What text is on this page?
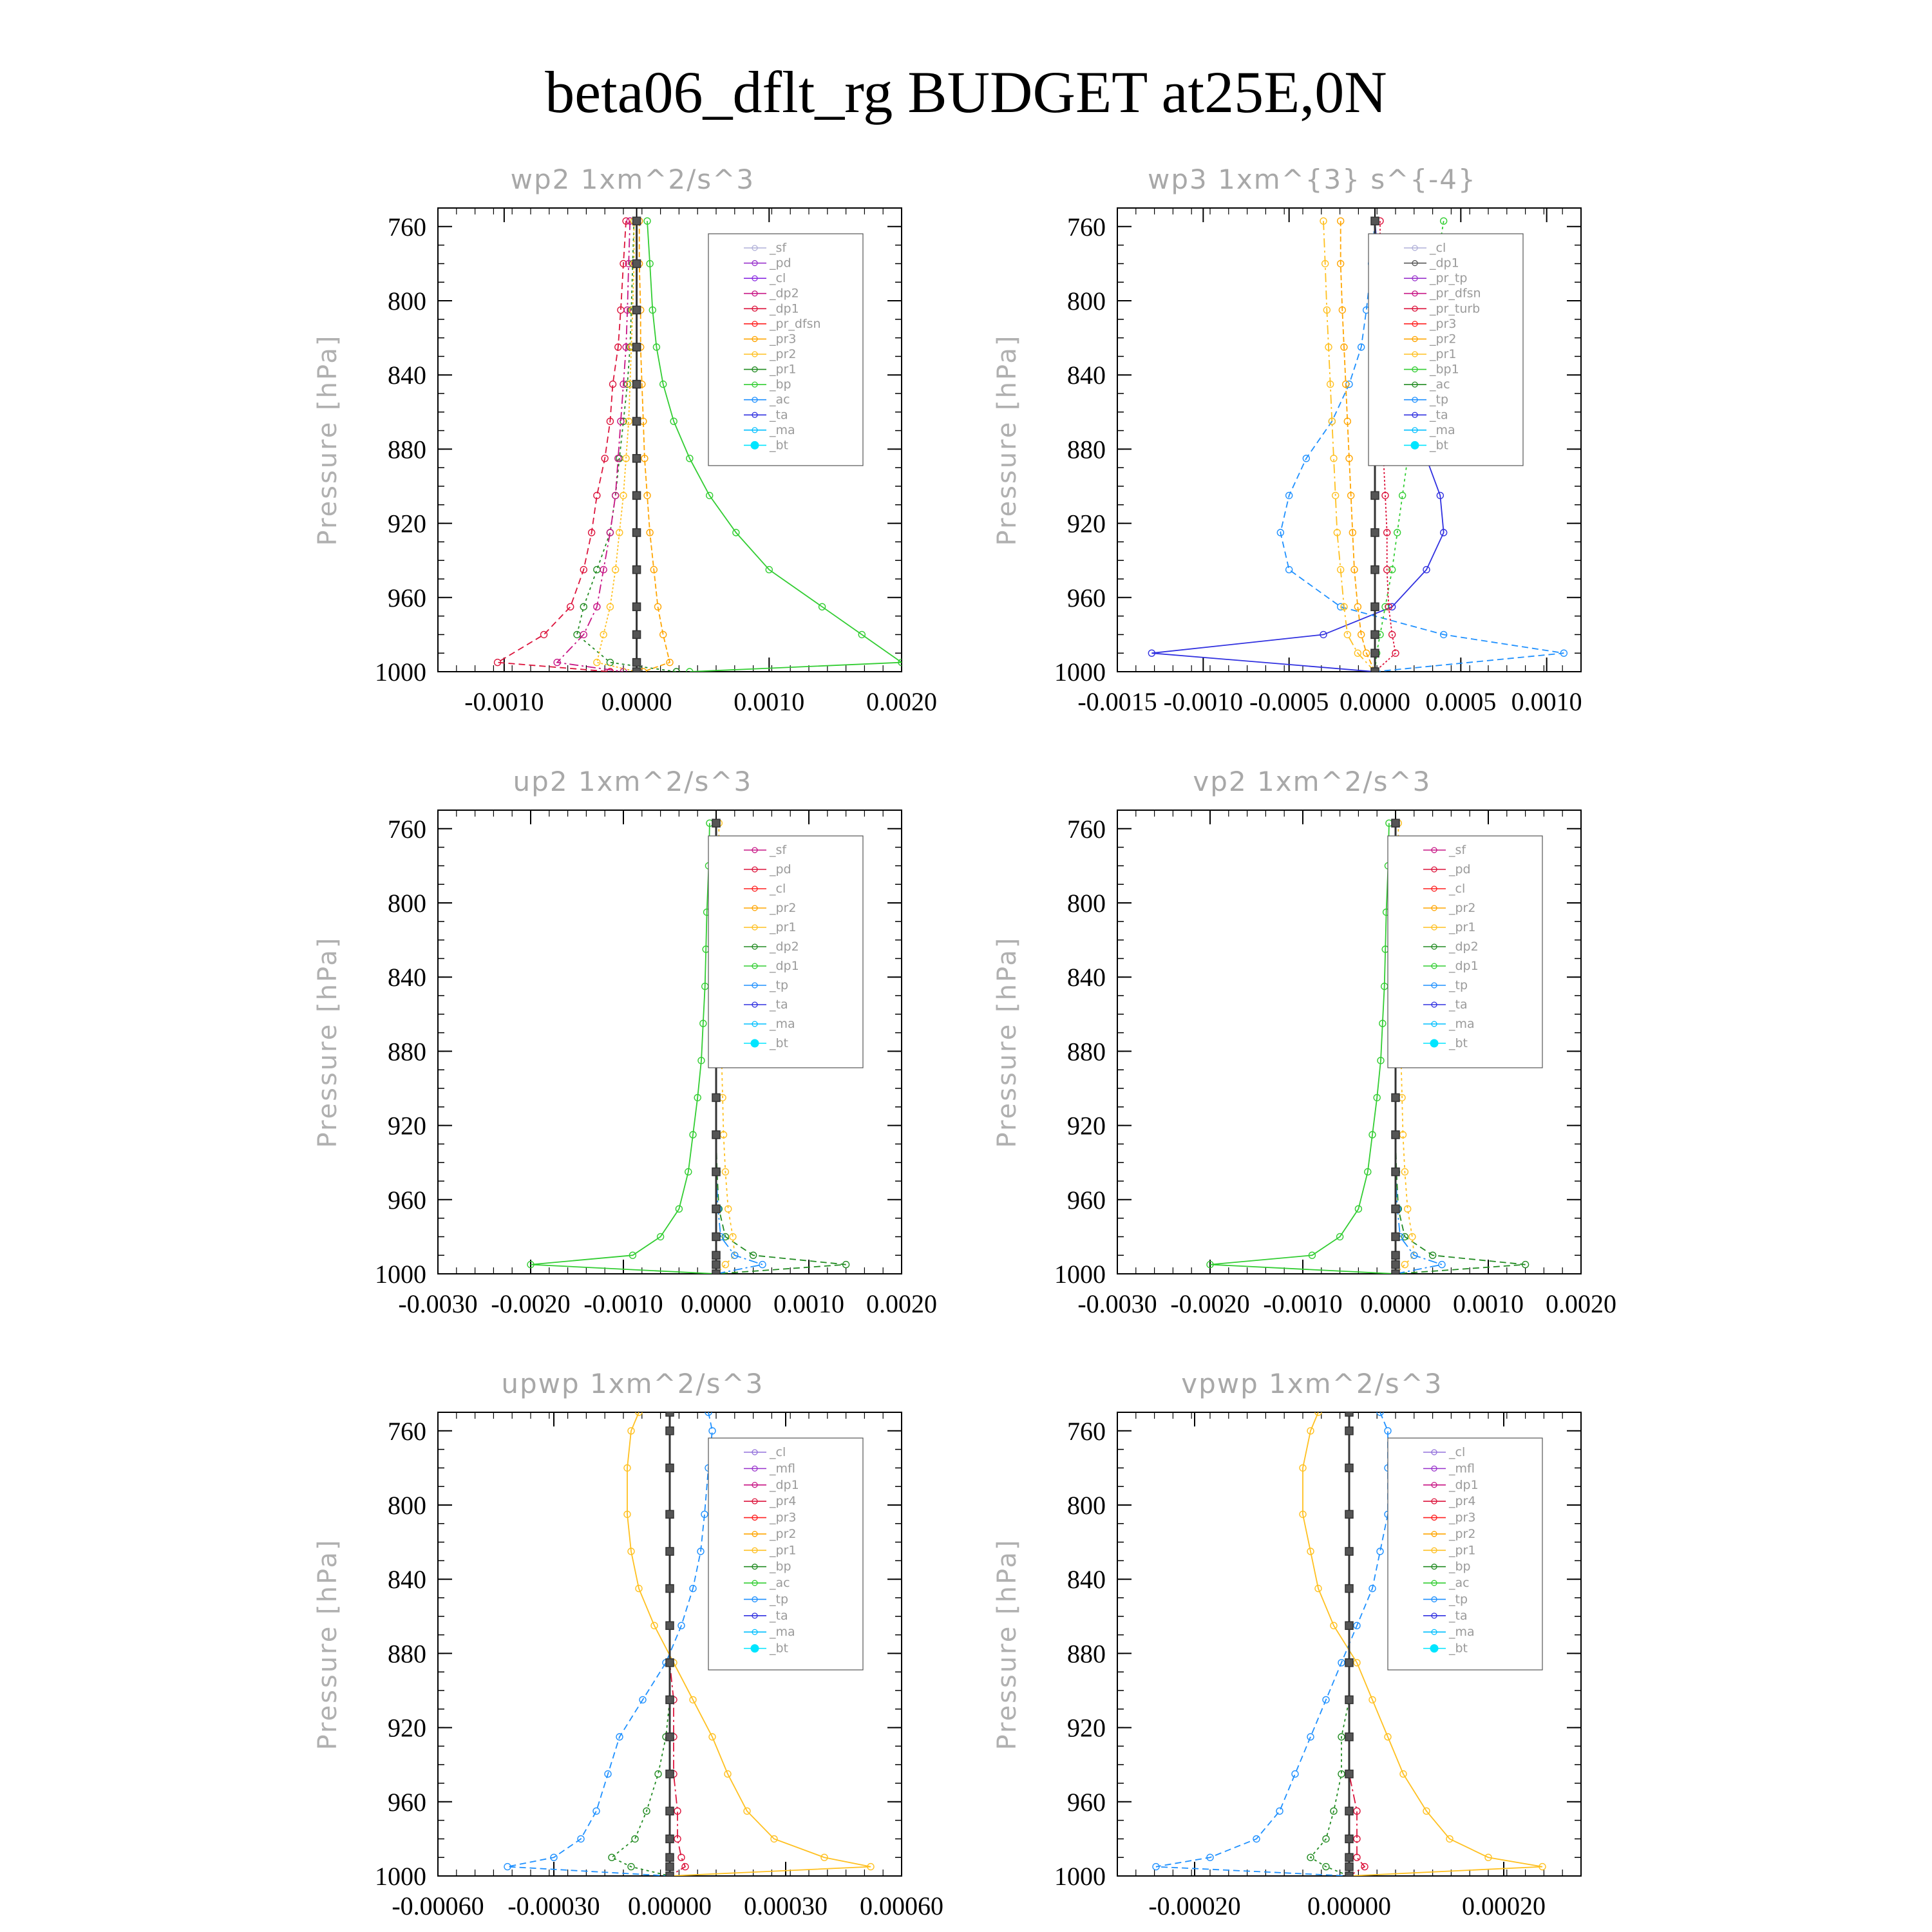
beta06_dflt_rg BUDGET at25E,0N
wp2 1xm^2/s^3
Pressure [hPa]
760
800
840
880
920
960
1000
-0.0010 0.0000 0.0010 0.0020
_sf
_pd
_cl
_dp2
_dp1
_pr_dfsn
_pr3
_pr2
_pr1
_bp
_ac
_ta
_ma
_bt
wp3 1xm^{3} s^{-4}
Pressure [hPa]
760
800
840
880
920
960
1000
-0.0015 -0.0010 -0.0005 0.0000 0.0005 0.0010
_cl
_dp1
_pr_tp
_pr_dfsn
_pr_turb
_pr3
_pr2
_pr1
_bp1
_ac
_tp
_ta
_ma
_bt
up2 1xm^2/s^3
Pressure [hPa]
760
800
840
880
920
960
1000
-0.0030 -0.0020 -0.0010 0.0000 0.0010 0.0020
_sf
_pd
_cl
_pr2
_pr1
_dp2
_dp1
_tp
_ta
_ma
_bt
vp2 1xm^2/s^3
Pressure [hPa]
760
800
840
880
920
960
1000
-0.0030 -0.0020 -0.0010 0.0000 0.0010 0.0020
_sf
_pd
_cl
_pr2
_pr1
_dp2
_dp1
_tp
_ta
_ma
_bt
upwp 1xm^2/s^3
Pressure [hPa]
760
800
840
880
920
960
1000
-0.00060 -0.00030 0.00000 0.00030 0.00060
_cl
_mfl
_dp1
_pr4
_pr3
_pr2
_pr1
_bp
_ac
_tp
_ta
_ma
_bt
vpwp 1xm^2/s^3
Pressure [hPa]
760
800
840
880
920
960
1000
-0.00020	0.00000	0.00020
_cl
_mfl
_dp1
_pr4
_pr3
_pr2
_pr1
_bp
_ac
_tp
_ta
_ma
_bt
